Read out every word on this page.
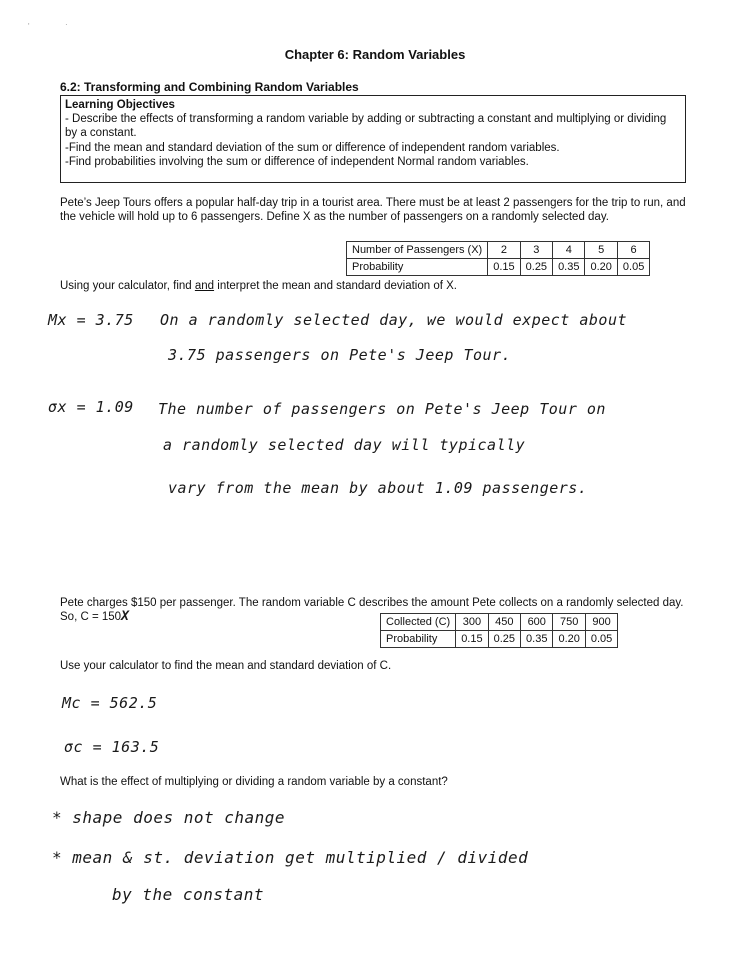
'	·
Chapter 6: Random Variables
6.2: Transforming and Combining Random Variables
Learning Objectives
- Describe the effects of transforming a random variable by adding or subtracting a constant and multiplying or dividing by a constant.
-Find the mean and standard deviation of the sum or difference of independent random variables.
-Find probabilities involving the sum or difference of independent Normal random variables.
Pete’s Jeep Tours offers a popular half-day trip in a tourist area. There must be at least 2 passengers for the trip to run, and the vehicle will hold up to 6 passengers. Define X as the number of passengers on a randomly selected day.
Number of Passengers (X)	2	3	4	5	6
Probability	0.15	0.25	0.35	0.20	0.05
Using your calculator, find and interpret the mean and standard deviation of X.
Mx = 3.75 On a randomly selected day, we would expect about
3.75 passengers on Pete's Jeep Tour.
σx = 1.09 The number of passengers on Pete's Jeep Tour on
a randomly selected day will typically
vary from the mean by about 1.09 passengers.
Pete charges $150 per passenger. The random variable C describes the amount Pete collects on a randomly selected day. So, C = 150X	Collected (C)	300	450	600	750	900
Probability	0.15	0.25	0.35	0.20	0.05
Use your calculator to find the mean and standard deviation of C.
Mc = 562.5
σc = 163.5
What is the effect of multiplying or dividing a random variable by a constant?
* shape does not change
* mean & st. deviation get multiplied / divided
by the constant
